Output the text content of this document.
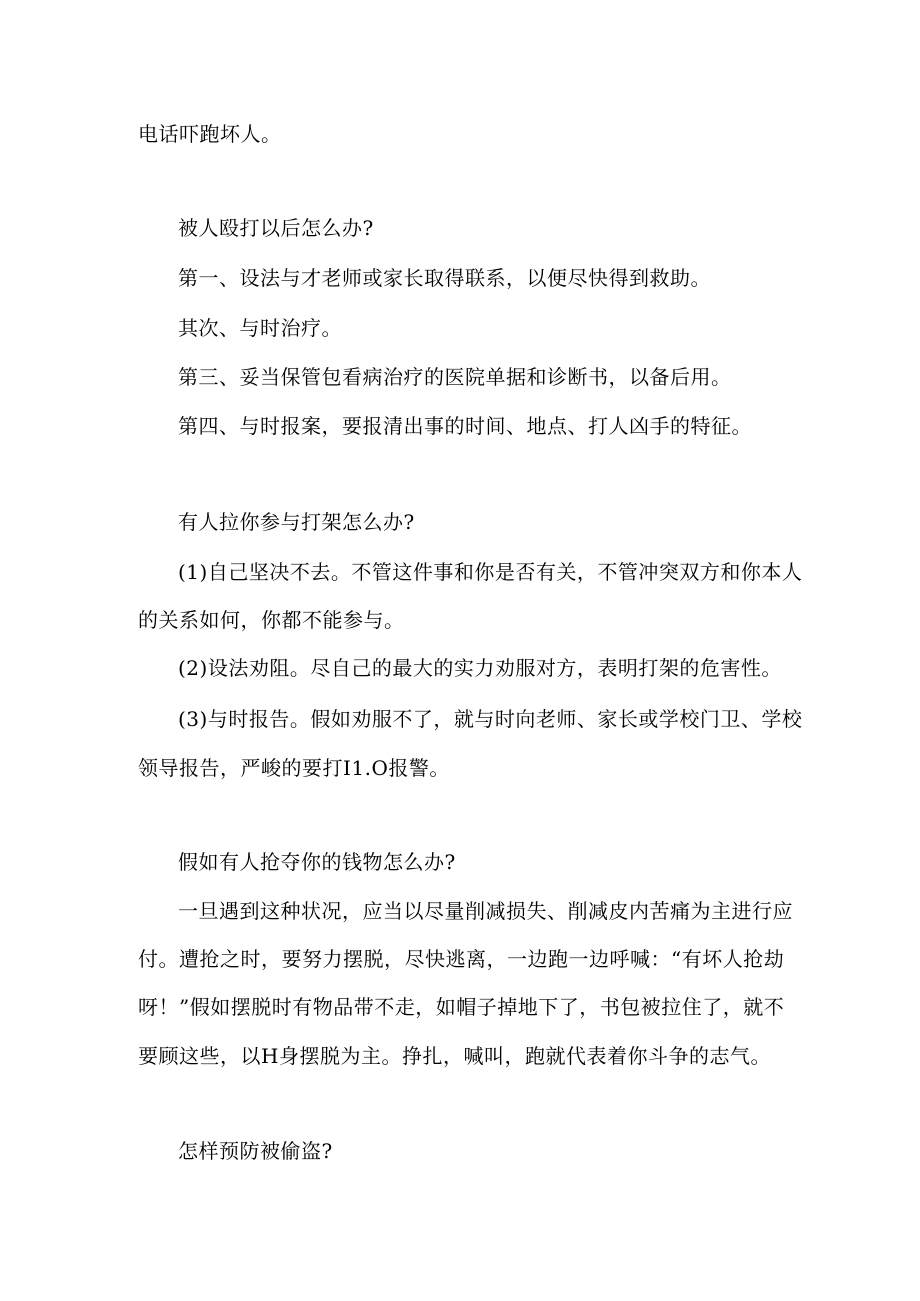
电话吓跑坏人。
被人殴打以后怎么办?
第一、设法与才老师或家长取得联系，以便尽快得到救助。
其次、与时治疗。
第三、妥当保管包看病治疗的医院单据和诊断书，以备后用。
第四、与时报案，要报清出事的时间、地点、打人凶手的特征。
有人拉你参与打架怎么办?
(1)自己坚决不去。不管这件事和你是否有关，不管冲突双方和你本人
的关系如何，你都不能参与。
(2)设法劝阻。尽自己的最大的实力劝服对方，表明打架的危害性。
(3)与时报告。假如劝服不了，就与时向老师、家长或学校门卫、学校
领导报告，严峻的要打I1.O报警。
假如有人抢夺你的钱物怎么办?
一旦遇到这种状况，应当以尽量削减损失、削减皮内苦痛为主进行应
付。遭抢之时，要努力摆脱，尽快逃离，一边跑一边呼喊：“有坏人抢劫
呀！”假如摆脱时有物品带不走，如帽子掉地下了，书包被拉住了，就不
要顾这些，以H身摆脱为主。挣扎，喊叫，跑就代表着你斗争的志气。
怎样预防被偷盗?
